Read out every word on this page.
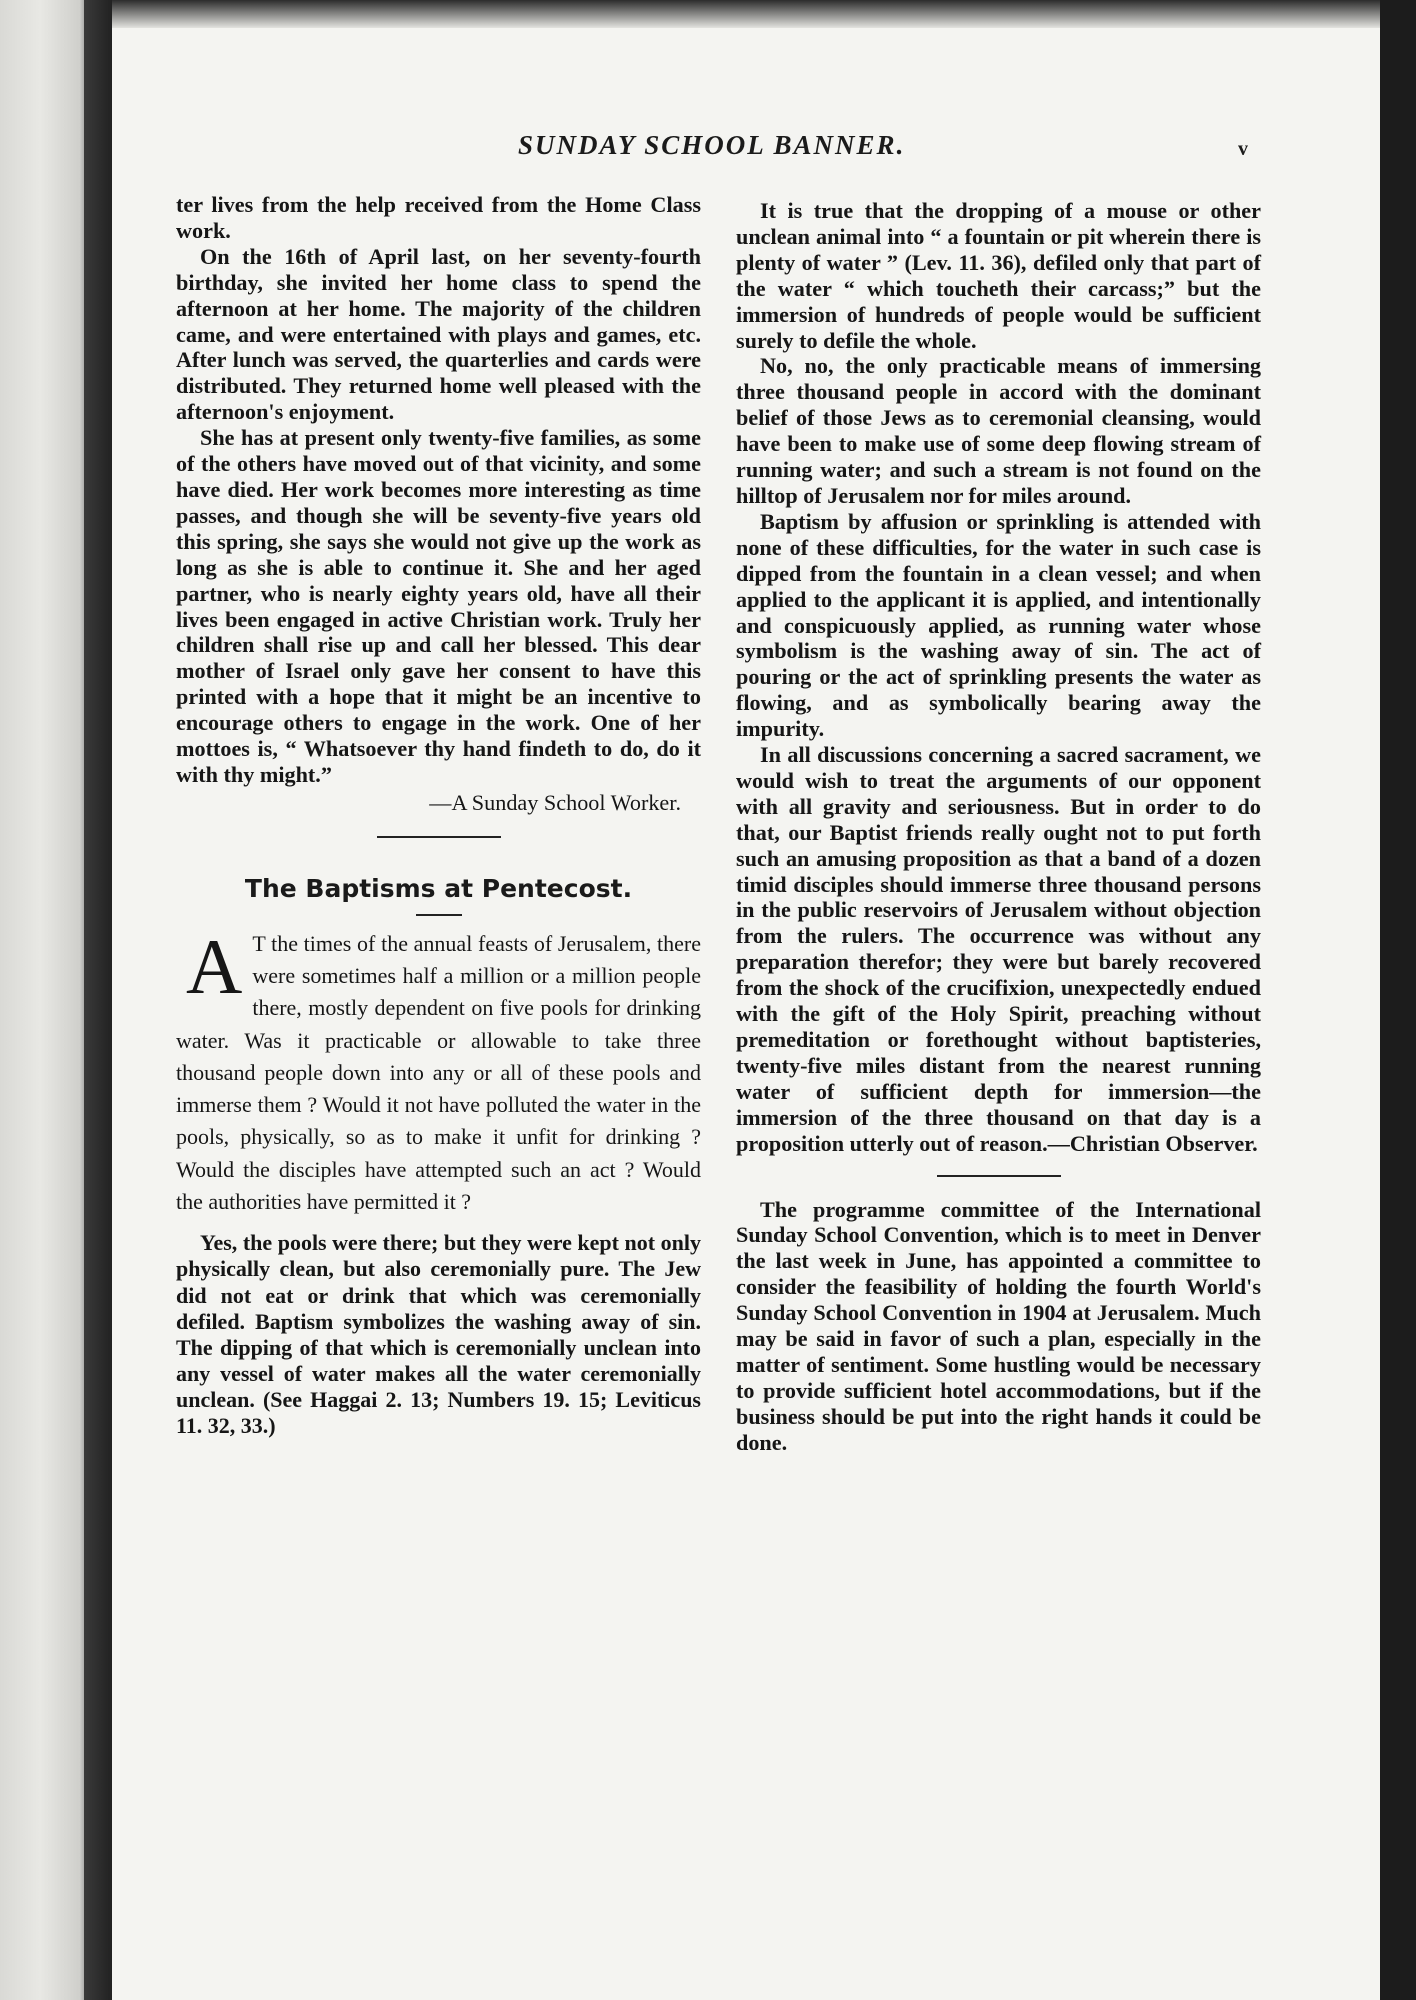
SUNDAY SCHOOL BANNER.	v

ter lives from the help received from the Home Class work.

On the 16th of April last, on her seventy-fourth birthday, she invited her home class to spend the afternoon at her home. The majority of the children came, and were entertained with plays and games, etc. After lunch was served, the quarterlies and cards were distributed. They returned home well pleased with the afternoon's enjoyment.

She has at present only twenty-five families, as some of the others have moved out of that vicinity, and some have died. Her work becomes more interesting as time passes, and though she will be seventy-five years old this spring, she says she would not give up the work as long as she is able to continue it. She and her aged partner, who is nearly eighty years old, have all their lives been engaged in active Christian work. Truly her children shall rise up and call her blessed. This dear mother of Israel only gave her consent to have this printed with a hope that it might be an incentive to encourage others to engage in the work. One of her mottoes is, “ Whatsoever thy hand findeth to do, do it with thy might.”

—A Sunday School Worker.
The Baptisms at Pentecost.

A T the times of the annual feasts of Jerusalem, there were sometimes half a million or a million people there, mostly dependent on five pools for drinking water. Was it practicable or allowable to take three thousand people down into any or all of these pools and immerse them ? Would it not have polluted the water in the pools, physically, so as to make it unfit for drinking ? Would the disciples have attempted such an act ? Would the authorities have permitted it ?

Yes, the pools were there; but they were kept not only physically clean, but also ceremonially pure. The Jew did not eat or drink that which was ceremonially defiled. Baptism symbolizes the washing away of sin. The dipping of that which is ceremonially unclean into any vessel of water makes all the water ceremonially unclean. (See Haggai 2. 13; Numbers 19. 15; Leviticus 11. 32, 33.)

It is true that the dropping of a mouse or other unclean animal into “ a fountain or pit wherein there is plenty of water ” (Lev. 11. 36), defiled only that part of the water “ which toucheth their carcass;” but the immersion of hundreds of people would be sufficient surely to defile the whole.

No, no, the only practicable means of immersing three thousand people in accord with the dominant belief of those Jews as to ceremonial cleansing, would have been to make use of some deep flowing stream of running water; and such a stream is not found on the hilltop of Jerusalem nor for miles around.

Baptism by affusion or sprinkling is attended with none of these difficulties, for the water in such case is dipped from the fountain in a clean vessel; and when applied to the applicant it is applied, and intentionally and conspicuously applied, as running water whose symbolism is the washing away of sin. The act of pouring or the act of sprinkling presents the water as flowing, and as symbolically bearing away the impurity.

In all discussions concerning a sacred sacrament, we would wish to treat the arguments of our opponent with all gravity and seriousness. But in order to do that, our Baptist friends really ought not to put forth such an amusing proposition as that a band of a dozen timid disciples should immerse three thousand persons in the public reservoirs of Jerusalem without objection from the rulers. The occurrence was without any preparation therefor; they were but barely recovered from the shock of the crucifixion, unexpectedly endued with the gift of the Holy Spirit, preaching without premeditation or forethought without baptisteries, twenty-five miles distant from the nearest running water of sufficient depth for immersion—the immersion of the three thousand on that day is a proposition utterly out of reason.—Christian Observer.

The programme committee of the International Sunday School Convention, which is to meet in Denver the last week in June, has appointed a committee to consider the feasibility of holding the fourth World's Sunday School Convention in 1904 at Jerusalem. Much may be said in favor of such a plan, especially in the matter of sentiment. Some hustling would be necessary to provide sufficient hotel accommodations, but if the business should be put into the right hands it could be done.
